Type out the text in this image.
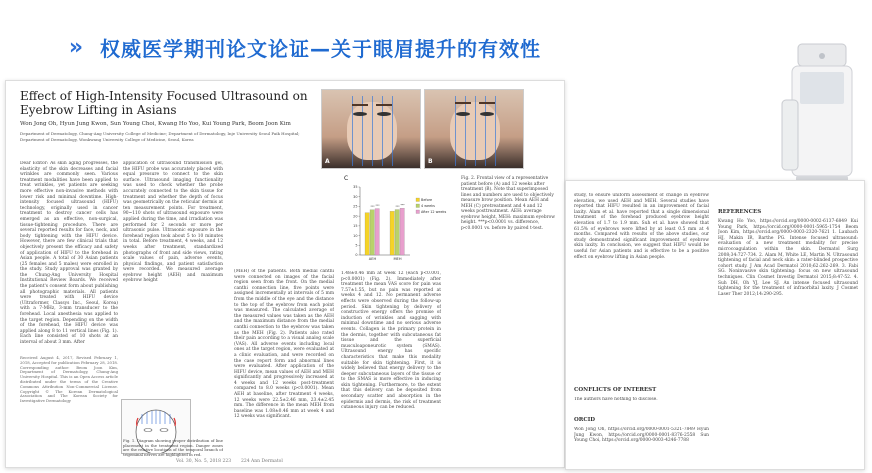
» 权威医学期刊论文论证—关于眼眉提升的有效性
Effect of High-Intensity Focused Ultrasound on Eyebrow Lifting in Asians
Won Jong Oh, Hyun Jung Kwon, Sun Young Choi, Kwang Ho Yoo, Kui Young Park, Beom Joon Kim
Department of Dermatology, Chung-Ang University College of Medicine; Department of Dermatology, Inje University Seoul Paik Hospital; Department of Dermatology, Wonkwang University College of Medicine, Seoul, Korea
Dear Editor: As skin aging progresses, the elasticity of the skin decreases and facial wrinkles are commonly seen. Various treatment modalities have been applied to treat wrinkles, yet patients are seeking more effective non-invasive methods with lower risk and minimal downtime. High-intensity focused ultrasound (HIFU) technology, originally used in cancer treatment to destroy cancer cells has emerged as an effective, non-surgical, tissue-tightening procedure. There are several reported results for face, neck, and body tightening with the HIFU device. However, there are few clinical trials that objectively present the efficacy and safety of application of HIFU to the forehead in Asian people. A total of 30 Asian patients (25 females and 5 males) were enrolled in the study. Study approval was granted by the Chung-Ang University Hospital Institutional Review Boards. We received the patient's consent form about publishing all photographic materials. All patients were treated with HIFU device (Ultraformer, Classys Inc., Seoul, Korea) with a 7-MHz, 3-mm transducer to the forehead. Local anesthesia was applied to the target region. Depending on the width of the forehead, the HIFU device was applied along 8 to 11 vertical lines (Fig. 1). Each line consisted of 10 shots at an interval of about 3 mm. After
Received August 4, 2017, Revised February 1, 2018, Accepted for publication February 28, 2018. Corresponding author: Beom Joon Kim, Department of Dermatology, Chung-Ang University Hospital. This is an Open Access article distributed under the terms of the Creative Commons Attribution Non-Commercial License. Copyright © The Korean Dermatological Association and The Korean Society for Investigative Dermatology
application of ultrasound transmission gel, the HIFU probe was accurately placed with equal pressure to connect to the skin surface. Ultrasound imaging functionality was used to check whether the probe accurately connected to the skin tissue for treatment and whether the depth of focus was geometrically on the reticular dermis at ten measurement points. For treatment, 90~110 shots of ultrasound exposure were applied during the time, and irradiation was performed for 2 seconds or more per ultrasonic pulse. Ultrasonic exposure in the forehead region took about 5 to 10 minutes in total. Before treatment, 4 weeks, and 12 weeks after treatment, standardized photographs of front and side views, rating scale values of pain, adverse events, physical findings, and patient satisfaction were recorded. We measured average eyebrow height (AEH) and maximum eyebrow height
Fig. 1. Diagram showing proper distribution of line placement in the treatment region. Danger zones are the relative locations of the temporal branch of trigeminal nerves are highlighted in red.
A	B
C
0
5
10
15
20
25
30
35
*** ***
AEH
*** ***
MEH
Before
4 weeks
After 12 weeks
Fig. 2. Frontal view of a representative patient before (A) and 12 weeks after treatment (B). Note that superimposed lines and numbers are used to objectively measure brow position. Mean AEH and MEH (C) pretreatment and 4 and 12 weeks posttreatment. AEH: average eyebrow height, MEH: maximum eyebrow height. ***p<0.0001 vs. difference, p<0.0001 vs. before by paired t-test.
(MEH) of the patients. Both medial canthi were connected on images of the facial region seen from the front. On the medial canthi connection line, five points were assigned incrementally at intervals of 5 mm from the middle of the eye and the distance to the top of the eyebrow from each point was measured. The calculated average of the measured values was taken as the AEH and the maximum distance from the medial canthi connection to the eyebrow was taken as the MEH (Fig. 2). Patients also rated their pain according to a visual analog scale (VAS). All adverse events including local ones at the target region, were evaluated at a clinic evaluation, and were recorded on the case report form and abnormal lines were evaluated. After application of the HIFU device, mean values of AEH and MEH significantly and progressively increased at 4 weeks and 12 weeks post-treatment compared to 8.0 weeks (p<0.0001). Mean AEH at baseline, after treatment 4 weeks, 12 weeks were 22.5±2.46 mm, 23.4±2.45 mm. The difference in the mean MEH from baseline was 1.08±0.46 mm at week 4 and 12 weeks was significant.
1.48±0.46 mm at week 12 (each p<0.001, p<0.0001) (Fig. 2). Immediately after treatment the mean VAS score for pain was 7.57±1.55, but no pain was reported at weeks 4 and 12. No permanent adverse effects were observed during the follow-up period. Skin tightening by delivery of constructive energy offers the promise of induction of wrinkles and sagging with minimal downtime and no serious adverse events. Collagen is the primary protein in the dermis, together with subcutaneous fat tissue and the superficial musculoaponeurotic system (SMAS). Ultrasound energy has specific characteristics that make this modality suitable for skin tightening. First, it is widely believed that energy delivery to the deeper subcutaneous layers of the tissue or to the SMAS is more effective in inducing skin tightening. Furthermore, to the extent that this delivery can be deposited from secondary scatter and absorption in the epidermis and dermis, the risk of treatment cutaneous injury can be reduced.
Vol. 30, No. 5, 2018 223 224 Ann Dermatol
study, to ensure uniform assessment of change in eyebrow elevation, we used AEH and MEH. Several studies have reported that HIFU resulted in an improvement of facial laxity. Alam et al. have reported that a single dimensional treatment of the forehead produced eyebrow height elevation of 1.7 to 1.9 mm. Suh et al. have showed that 61.5% of eyebrows were lifted by at least 0.5 mm at 4 months. Compared with results of the above studies, our study demonstrated significant improvement of eyebrow skin laxity. In conclusion, we suggest that HIFU would be useful for Asian patients and is effective to be a positive effect on eyebrow lifting in Asian people.
CONFLICTS OF INTEREST
The authors have nothing to disclose.
ORCID
Won Jong Oh, https://orcid.org/0000-0001-5321-7849 Hyun Jung Kwon, https://orcid.org/0000-0001-8376-2558 Sun Young Choi, https://orcid.org/0000-0003-4246-7788
REFERENCES
Kwang Ho Yoo, https://orcid.org/0000-0002-6137-6849 Kui Young Park, https://orcid.org/0000-0001-5965-1754 Beom Joon Kim, https://orcid.org/0000-0003-2320-7621 1. Laubach HJ, Makin IR, Barthe PG. Intense focused ultrasound: evaluation of a new treatment modality for precise microcoagulation within the skin. Dermatol Surg 2008;34:727-734. 2. Alam M, White LE, Martin N. Ultrasound tightening of facial and neck skin: a rater-blinded prospective cohort study. J Am Acad Dermatol 2010;62:262-269. 3. Fabi SG. Noninvasive skin tightening: focus on new ultrasound techniques. Clin Cosmet Investig Dermatol 2015;8:47-52. 4. Suh DH, Oh YJ, Lee SJ. An intense focused ultrasound tightening for the treatment of infraorbital laxity. J Cosmet Laser Ther 2012;14:290-295.
